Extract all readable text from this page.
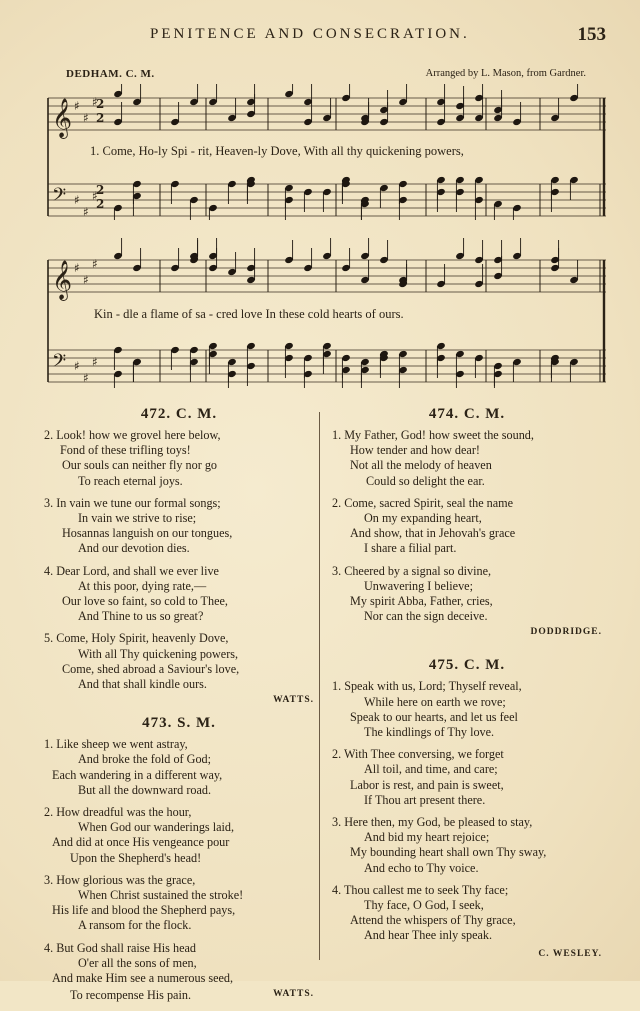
PENITENCE AND CONSECRATION.	153
DEDHAM. C. M.	Arranged by L. Mason, from Gardner.
𝄞
𝄢
♯
♯
♯
♯
♯
♯
2
2
2
2
1. Come, Ho-ly Spi - rit, Heaven-ly Dove, With all thy quickening powers,
𝄞
𝄢
♯
♯
♯
♯
♯
♯
Kin - dle a flame of sa - cred love In these cold hearts of ours.
472. C. M.
2. Look! how we grovel here below,
Fond of these trifling toys!
Our souls can neither fly nor go
To reach eternal joys.
3. In vain we tune our formal songs;
In vain we strive to rise;
Hosannas languish on our tongues,
And our devotion dies.
4. Dear Lord, and shall we ever live
At this poor, dying rate,—
Our love so faint, so cold to Thee,
And Thine to us so great?
5. Come, Holy Spirit, heavenly Dove,
With all Thy quickening powers,
Come, shed abroad a Saviour's love,
And that shall kindle ours.
WATTS.
473. S. M.
1. Like sheep we went astray,
And broke the fold of God;
Each wandering in a different way,
But all the downward road.
2. How dreadful was the hour,
When God our wanderings laid,
And did at once His vengeance pour
Upon the Shepherd's head!
3. How glorious was the grace,
When Christ sustained the stroke!
His life and blood the Shepherd pays,
A ransom for the flock.
4. But God shall raise His head
O'er all the sons of men,
And make Him see a numerous seed,
To recompense His pain.	WATTS.
474. C. M.
1. My Father, God! how sweet the sound,
How tender and how dear!
Not all the melody of heaven
Could so delight the ear.
2. Come, sacred Spirit, seal the name
On my expanding heart,
And show, that in Jehovah's grace
I share a filial part.
3. Cheered by a signal so divine,
Unwavering I believe;
My spirit Abba, Father, cries,
Nor can the sign deceive.
DODDRIDGE.
475. C. M.
1. Speak with us, Lord; Thyself reveal,
While here on earth we rove;
Speak to our hearts, and let us feel
The kindlings of Thy love.
2. With Thee conversing, we forget
All toil, and time, and care;
Labor is rest, and pain is sweet,
If Thou art present there.
3. Here then, my God, be pleased to stay,
And bid my heart rejoice;
My bounding heart shall own Thy sway,
And echo to Thy voice.
4. Thou callest me to seek Thy face;
Thy face, O God, I seek,
Attend the whispers of Thy grace,
And hear Thee inly speak.
C. WESLEY.
